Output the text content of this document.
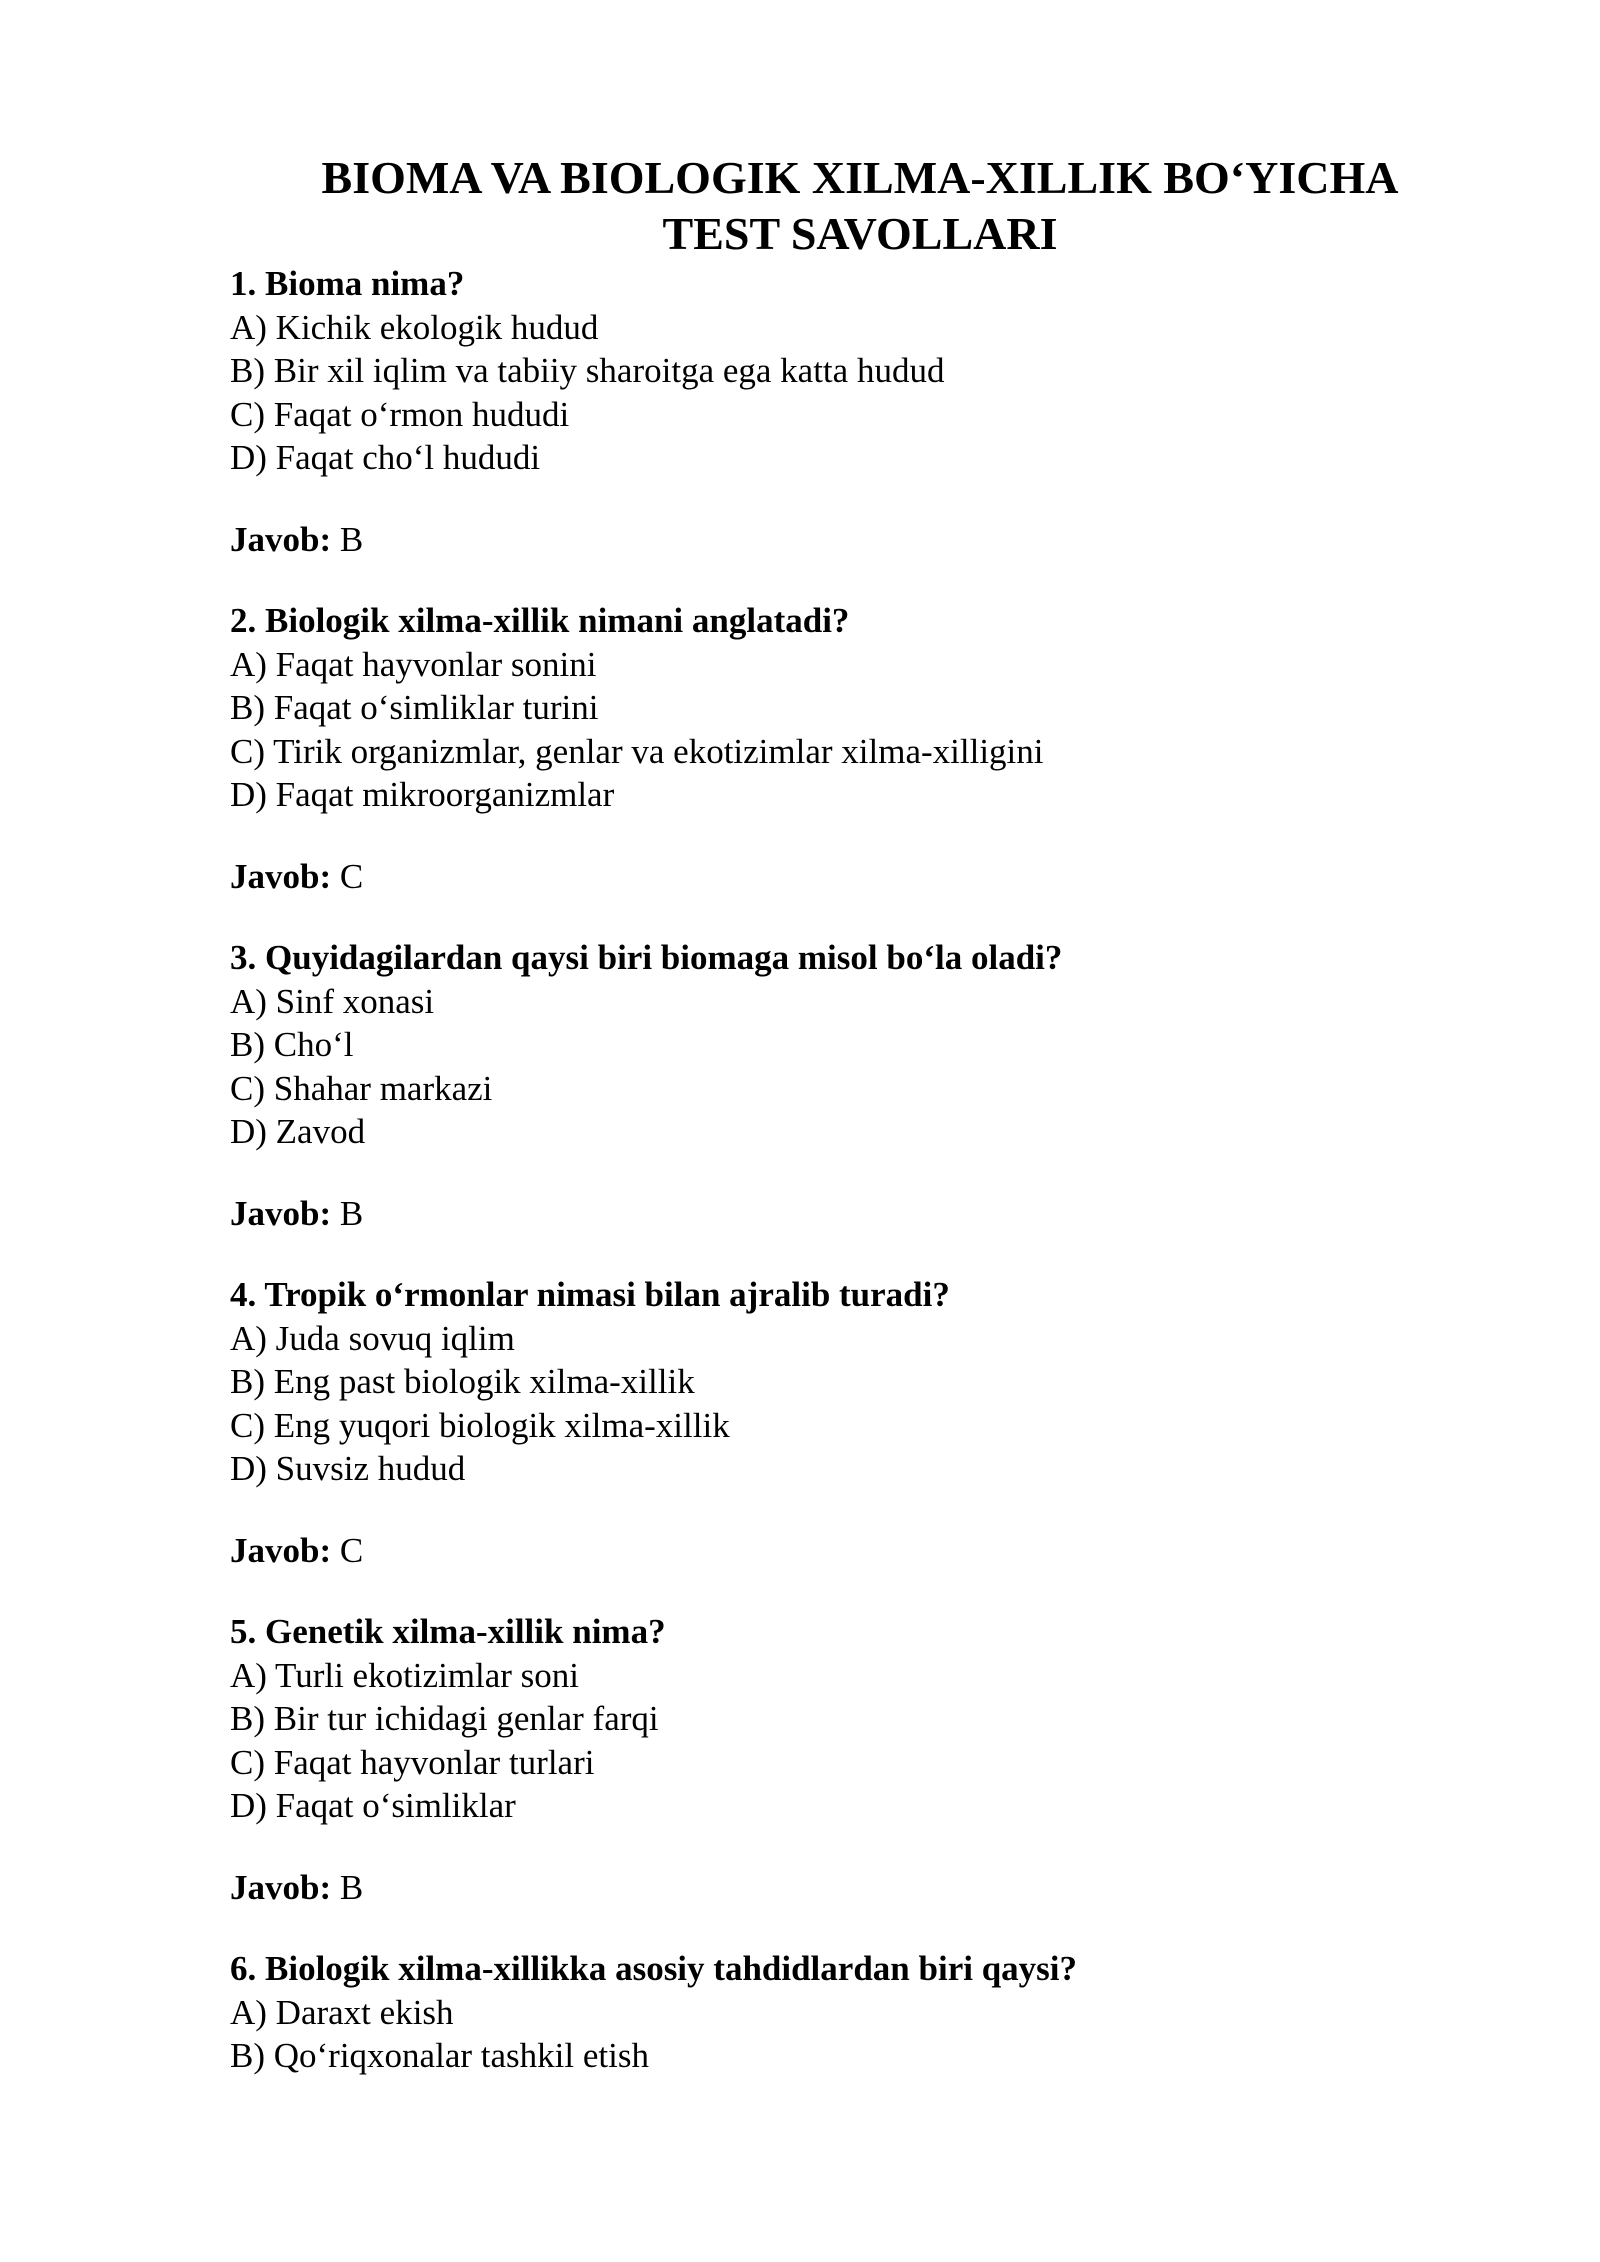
BIOMA VA BIOLOGIK XILMA-XILLIK BO‘YICHA
TEST SAVOLLARI

1. Bioma nima?

A) Kichik ekologik hudud

B) Bir xil iqlim va tabiiy sharoitga ega katta hudud

C) Faqat o‘rmon hududi

D) Faqat cho‘l hududi

Javob: B

2. Biologik xilma-xillik nimani anglatadi?

A) Faqat hayvonlar sonini

B) Faqat o‘simliklar turini

C) Tirik organizmlar, genlar va ekotizimlar xilma-xilligini

D) Faqat mikroorganizmlar

Javob: C

3. Quyidagilardan qaysi biri biomaga misol bo‘la oladi?

A) Sinf xonasi

B) Cho‘l

C) Shahar markazi

D) Zavod

Javob: B

4. Tropik o‘rmonlar nimasi bilan ajralib turadi?

A) Juda sovuq iqlim

B) Eng past biologik xilma-xillik

C) Eng yuqori biologik xilma-xillik

D) Suvsiz hudud

Javob: C

5. Genetik xilma-xillik nima?

A) Turli ekotizimlar soni

B) Bir tur ichidagi genlar farqi

C) Faqat hayvonlar turlari

D) Faqat o‘simliklar

Javob: B

6. Biologik xilma-xillikka asosiy tahdidlardan biri qaysi?

A) Daraxt ekish

B) Qo‘riqxonalar tashkil etish
